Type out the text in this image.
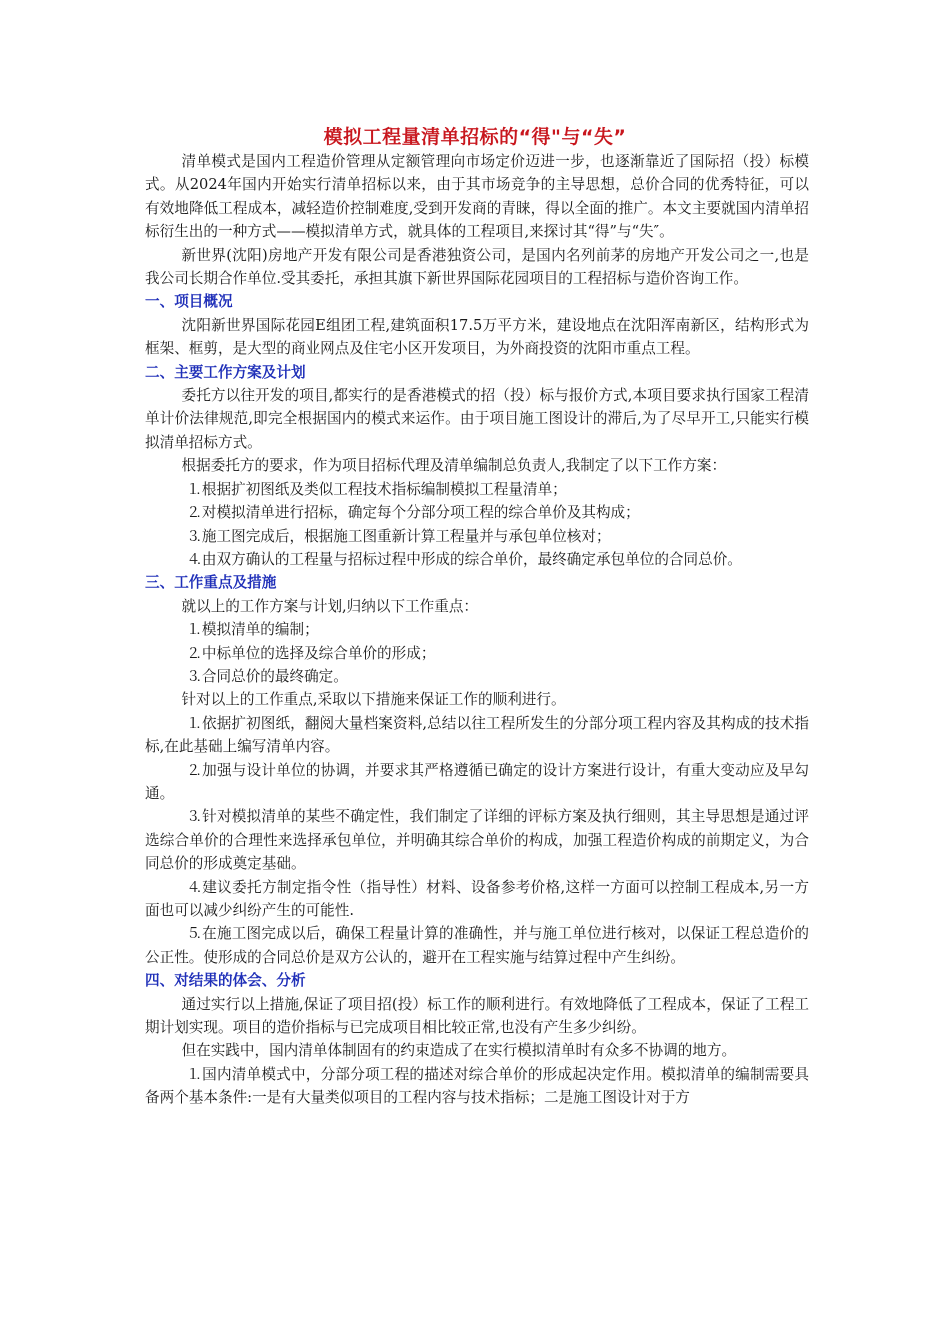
模拟工程量清单招标的“得"与“失”

清单模式是国内工程造价管理从定额管理向市场定价迈进一步，也逐渐靠近了国际招（投）标模式。从2024年国内开始实行清单招标以来，由于其市场竞争的主导思想，总价合同的优秀特征，可以有效地降低工程成本，减轻造价控制难度,受到开发商的青睐，得以全面的推广。本文主要就国内清单招标衍生出的一种方式——模拟清单方式，就具体的工程项目,来探讨其“得”与“失″。

新世界(沈阳)房地产开发有限公司是香港独资公司，是国内名列前茅的房地产开发公司之一,也是我公司长期合作单位.受其委托，承担其旗下新世界国际花园项目的工程招标与造价咨询工作。

一、项目概况

沈阳新世界国际花园E组团工程,建筑面积17.5万平方米，建设地点在沈阳浑南新区，结构形式为框架、框剪，是大型的商业网点及住宅小区开发项目，为外商投资的沈阳市重点工程。

二、主要工作方案及计划

委托方以往开发的项目,都实行的是香港模式的招（投）标与报价方式,本项目要求执行国家工程清单计价法律规范,即完全根据国内的模式来运作。由于项目施工图设计的滞后,为了尽早开工,只能实行模拟清单招标方式。

根据委托方的要求，作为项目招标代理及清单编制总负责人,我制定了以下工作方案：

⒈根据扩初图纸及类似工程技术指标编制模拟工程量清单；

⒉对模拟清单进行招标，确定每个分部分项工程的综合单价及其构成；

⒊施工图完成后，根据施工图重新计算工程量并与承包单位核对；

⒋由双方确认的工程量与招标过程中形成的综合单价，最终确定承包单位的合同总价。

三、工作重点及措施

就以上的工作方案与计划,归纳以下工作重点：

⒈模拟清单的编制；

⒉中标单位的选择及综合单价的形成；

⒊合同总价的最终确定。

针对以上的工作重点,采取以下措施来保证工作的顺利进行。

⒈依据扩初图纸，翻阅大量档案资料,总结以往工程所发生的分部分项工程内容及其构成的技术指标,在此基础上编写清单内容。

⒉加强与设计单位的协调，并要求其严格遵循已确定的设计方案进行设计，有重大变动应及早勾通。

⒊针对模拟清单的某些不确定性，我们制定了详细的评标方案及执行细则，其主导思想是通过评选综合单价的合理性来选择承包单位，并明确其综合单价的构成，加强工程造价构成的前期定义，为合同总价的形成奠定基础。

⒋建议委托方制定指令性（指导性）材料、设备参考价格,这样一方面可以控制工程成本,另一方面也可以减少纠纷产生的可能性.

⒌在施工图完成以后，确保工程量计算的准确性，并与施工单位进行核对，以保证工程总造价的公正性。使形成的合同总价是双方公认的，避开在工程实施与结算过程中产生纠纷。

四、对结果的体会、分析

通过实行以上措施,保证了项目招(投）标工作的顺利进行。有效地降低了工程成本，保证了工程工期计划实现。项目的造价指标与已完成项目相比较正常,也没有产生多少纠纷。

但在实践中，国内清单体制固有的约束造成了在实行模拟清单时有众多不协调的地方。

⒈国内清单模式中，分部分项工程的描述对综合单价的形成起决定作用。模拟清单的编制需要具备两个基本条件:一是有大量类似项目的工程内容与技术指标；二是施工图设计对于方
